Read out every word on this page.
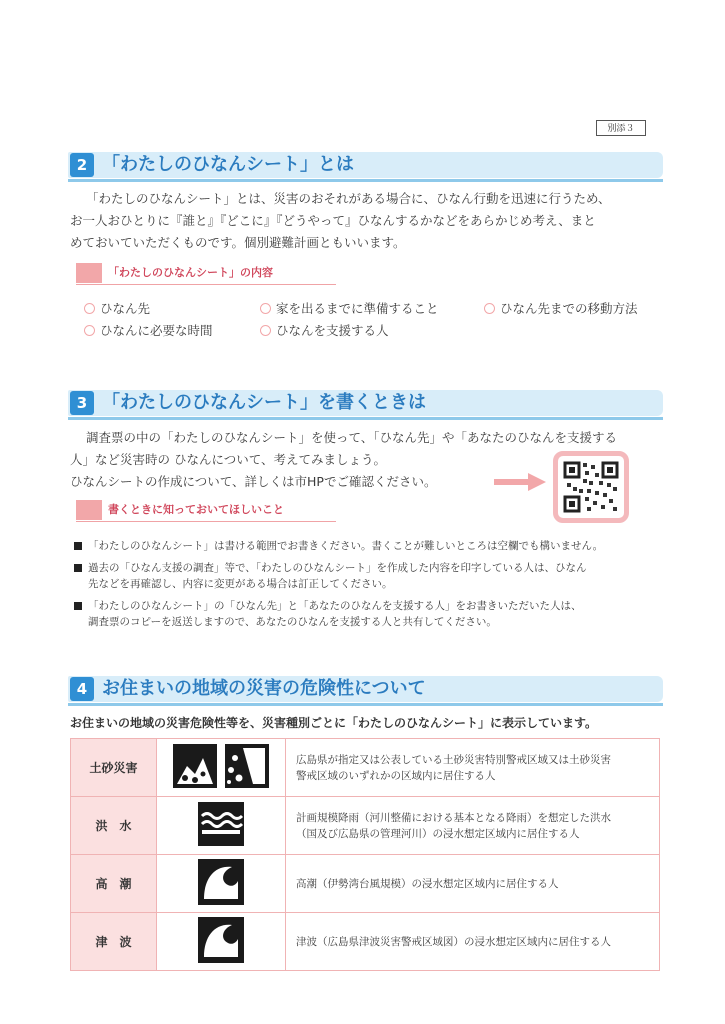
別添３
2 「わたしのひなんシート」とは
「わたしのひなんシート」とは、災害のおそれがある場合に、ひなん行動を迅速に行うため、
お一人おひとりに『誰と』『どこに』『どうやって』ひなんするかなどをあらかじめ考え、まと
めておいていただくものです。個別避難計画ともいいます。
「わたしのひなんシート」の内容
ひなん先	家を出るまでに準備すること	ひなん先までの移動方法
ひなんに必要な時間	ひなんを支援する人
3 「わたしのひなんシート」を書くときは
調査票の中の「わたしのひなんシート」を使って、「ひなん先」や「あなたのひなんを支援する
人」など災害時の ひなんについて、考えてみましょう。
ひなんシートの作成について、詳しくは市HPでご確認ください。
書くときに知っておいてほしいこと
「わたしのひなんシート」は書ける範囲でお書きください。書くことが難しいところは空欄でも構いません。
過去の「ひなん支援の調査」等で、「わたしのひなんシート」を作成した内容を印字している人は、ひなん
先などを再確認し、内容に変更がある場合は訂正してください。
「わたしのひなんシート」の「ひなん先」と「あなたのひなんを支援する人」をお書きいただいた人は、
調査票のコピーを返送しますので、あなたのひなんを支援する人と共有してください。
4 お住まいの地域の災害の危険性について
お住まいの地域の災害危険性等を、災害種別ごとに「わたしのひなんシート」に表示しています。
土砂災害		広島県が指定又は公表している土砂災害特別警戒区域又は土砂災害
警戒区域のいずれかの区域内に居住する人
洪　水		計画規模降雨（河川整備における基本となる降雨）を想定した洪水
（国及び広島県の管理河川）の浸水想定区域内に居住する人
高　潮		高潮（伊勢湾台風規模）の浸水想定区域内に居住する人
津　波		津波（広島県津波災害警戒区域図）の浸水想定区域内に居住する人
